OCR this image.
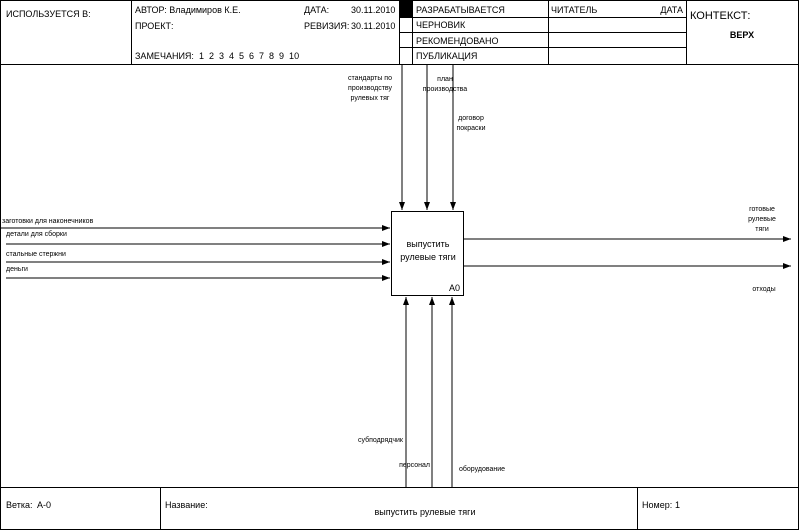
ИСПОЛЬЗУЕТСЯ В:	АВТОР: Владимиров К.Е.
ПРОЕКТ:
ДАТА: 30.11.2010
РЕВИЗИЯ: 30.11.2010
ЗАМЕЧАНИЯ: 1  2  3  4  5  6  7  8  9  10
РАЗРАБАТЫВАЕТСЯ
ЧЕРНОВИК
РЕКОМЕНДОВАНО
ПУБЛИКАЦИЯ
ЧИТАТЕЛЬ	ДАТА КОНТЕКСТ:
ВЕРХ
выпустить
рулевые тяги
A0
стандарты по
производству
рулевых тяг
план
производства
договор
покраски
заготовки для наконечников
детали для сборки
стальные стержни
деньги
готовые
рулевые
тяги
отходы
субподрядчик
персонал
оборудование
Ветка: A-0	Название:
выпустить рулевые тяги
Номер: 1
